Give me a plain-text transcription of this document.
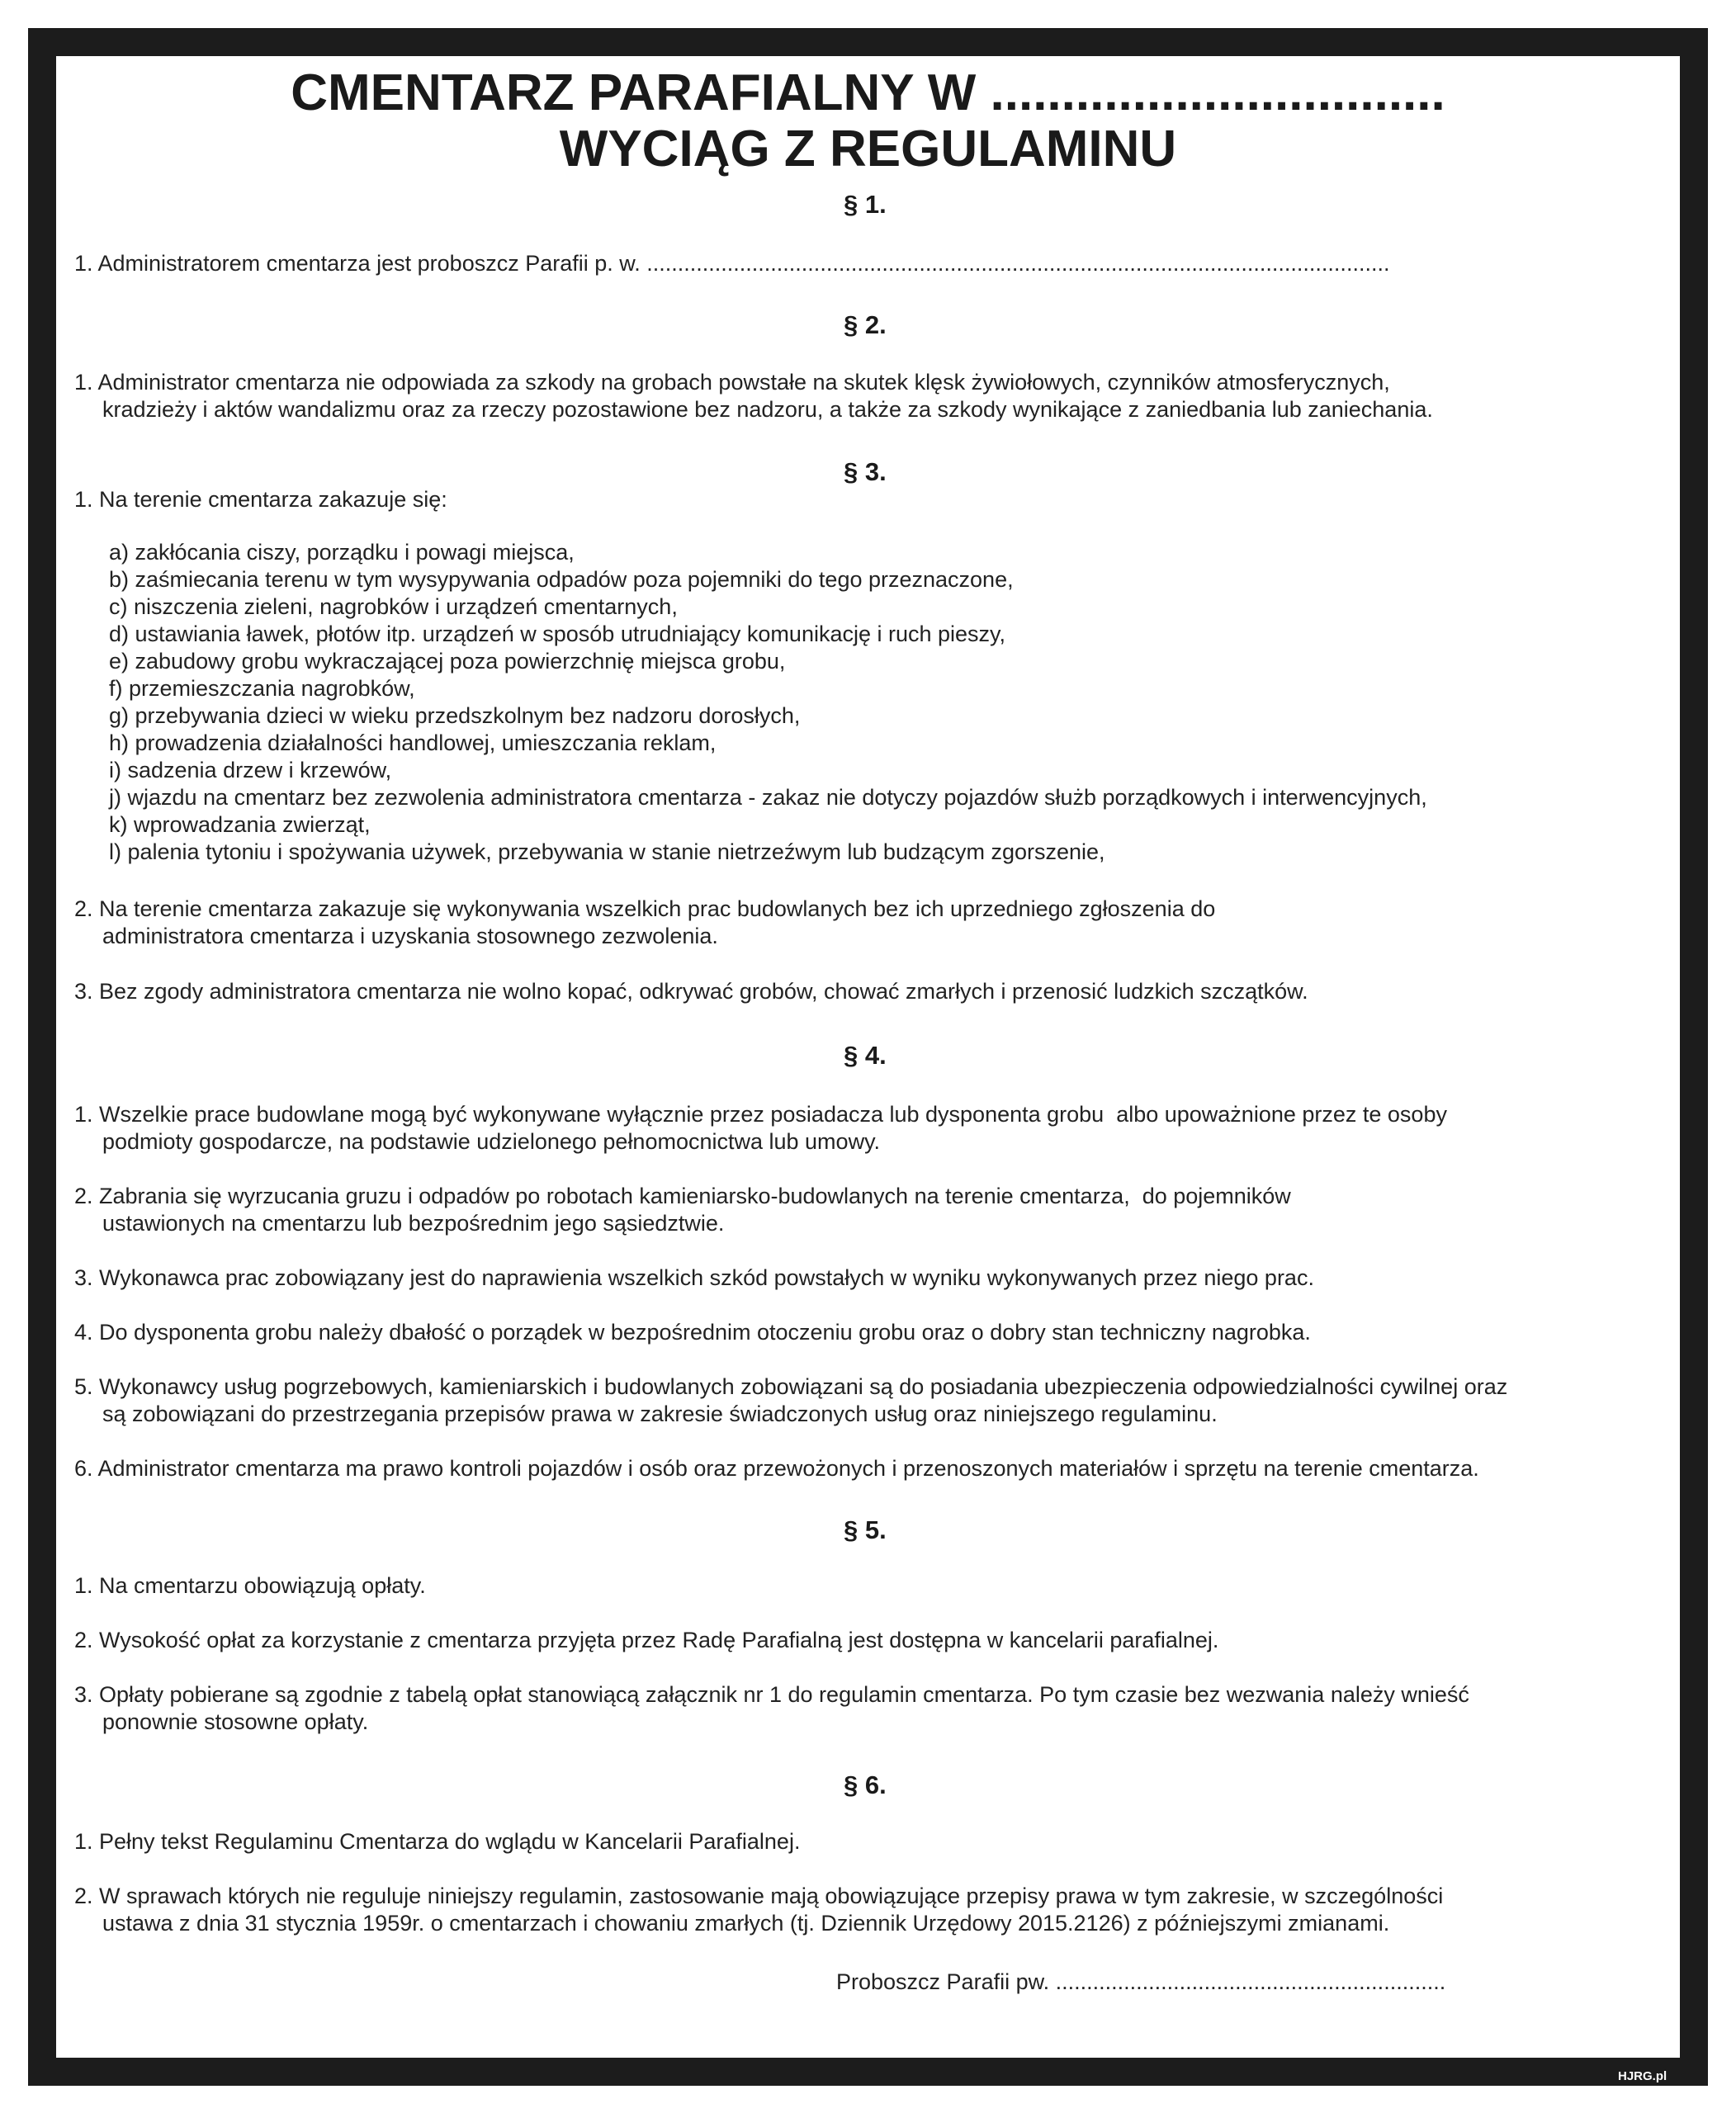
CMENTARZ PARAFIALNY W ................................
WYCIĄG Z REGULAMINU
§ 1.
1. Administratorem cmentarza jest proboszcz Parafii p. w. ........................................................................................................................
§ 2.
1. Administrator cmentarza nie odpowiada za szkody na grobach powstałe na skutek klęsk żywiołowych, czynników atmosferycznych,
kradzieży i aktów wandalizmu oraz za rzeczy pozostawione bez nadzoru, a także za szkody wynikające z zaniedbania lub zaniechania.
§ 3.
1. Na terenie cmentarza zakazuje się:
a) zakłócania ciszy, porządku i powagi miejsca,
b) zaśmiecania terenu w tym wysypywania odpadów poza pojemniki do tego przeznaczone,
c) niszczenia zieleni, nagrobków i urządzeń cmentarnych,
d) ustawiania ławek, płotów itp. urządzeń w sposób utrudniający komunikację i ruch pieszy,
e) zabudowy grobu wykraczającej poza powierzchnię miejsca grobu,
f) przemieszczania nagrobków,
g) przebywania dzieci w wieku przedszkolnym bez nadzoru dorosłych,
h) prowadzenia działalności handlowej, umieszczania reklam,
i) sadzenia drzew i krzewów,
j) wjazdu na cmentarz bez zezwolenia administratora cmentarza - zakaz nie dotyczy pojazdów służb porządkowych i interwencyjnych,
k) wprowadzania zwierząt,
l) palenia tytoniu i spożywania używek, przebywania w stanie nietrzeźwym lub budzącym zgorszenie,
2. Na terenie cmentarza zakazuje się wykonywania wszelkich prac budowlanych bez ich uprzedniego zgłoszenia do
administratora cmentarza i uzyskania stosownego zezwolenia.
3. Bez zgody administratora cmentarza nie wolno kopać, odkrywać grobów, chować zmarłych i przenosić ludzkich szczątków.
§ 4.
1. Wszelkie prace budowlane mogą być wykonywane wyłącznie przez posiadacza lub dysponenta grobu  albo upoważnione przez te osoby
podmioty gospodarcze, na podstawie udzielonego pełnomocnictwa lub umowy.
2. Zabrania się wyrzucania gruzu i odpadów po robotach kamieniarsko-budowlanych na terenie cmentarza,  do pojemników
ustawionych na cmentarzu lub bezpośrednim jego sąsiedztwie.
3. Wykonawca prac zobowiązany jest do naprawienia wszelkich szkód powstałych w wyniku wykonywanych przez niego prac.
4. Do dysponenta grobu należy dbałość o porządek w bezpośrednim otoczeniu grobu oraz o dobry stan techniczny nagrobka.
5. Wykonawcy usług pogrzebowych, kamieniarskich i budowlanych zobowiązani są do posiadania ubezpieczenia odpowiedzialności cywilnej oraz
są zobowiązani do przestrzegania przepisów prawa w zakresie świadczonych usług oraz niniejszego regulaminu.
6. Administrator cmentarza ma prawo kontroli pojazdów i osób oraz przewożonych i przenoszonych materiałów i sprzętu na terenie cmentarza.
§ 5.
1. Na cmentarzu obowiązują opłaty.
2. Wysokość opłat za korzystanie z cmentarza przyjęta przez Radę Parafialną jest dostępna w kancelarii parafialnej.
3. Opłaty pobierane są zgodnie z tabelą opłat stanowiącą załącznik nr 1 do regulamin cmentarza. Po tym czasie bez wezwania należy wnieść
ponownie stosowne opłaty.
§ 6.
1. Pełny tekst Regulaminu Cmentarza do wglądu w Kancelarii Parafialnej.
2. W sprawach których nie reguluje niniejszy regulamin, zastosowanie mają obowiązujące przepisy prawa w tym zakresie, w szczególności
ustawa z dnia 31 stycznia 1959r. o cmentarzach i chowaniu zmarłych (tj. Dziennik Urzędowy 2015.2126) z późniejszymi zmianami.
Proboszcz Parafii pw. ...............................................................
HJRG.pl
